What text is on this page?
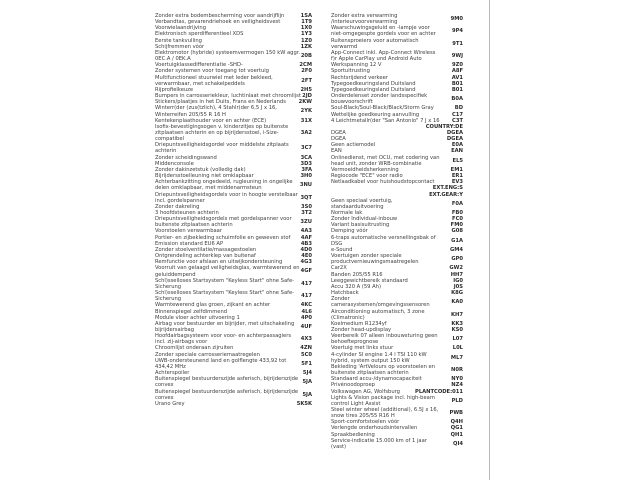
Zonder extra bodembescherming voor aandrijflijn	1SA
Verbandtas, gevarendriehoek en veiligheidsvest	1T9
Voorwielaandrijving	1X0
Elektronisch sperdifferentieel XDS	1Y3
Eerste tankvulling	1Z0
Schijfremmen vóór	1ZK
Elektromotor (hybride) systeemvermogen 150 kW aggr. 0EC.A / 0EK.A
20B
Voertuigklassedifferentiatie -SHD-	2CM
Zonder systemen voor toegang tot voertuig	2F0
Multifunctioneel stuurwiel met leder bekleed, verwarmbaar, met schakelpeddels
2FT
Rijprofielkeuze	2H5
Bumpers in carrosseriekleur, luchtinlaat met chroomlijst 2JD
Stickers/plaatjes in het Duits, Frans en Nederlands	2KW
Winterr(der (zus(tzlich), 4 Stahlr(der 6,5 J x 16, Winterreifen 205/55 R 16 H
2YK
Kentekenplaathouder voor en achter (ECE)	31X
Isofix-bevestigingsogen v. kinderzitjes op buitenste zitplaatsen achterin en op bijrijdersstoel, i-Size-compatibel
3A2
Driepuntsveiligheidsgordel voor middelste zitplaats achterin
3C7
Zonder scheidingswand	3CA
Middenconsole	3D3
Zonder dakinzetstuk (volledig dak)	3FA
Bijrijdersstoelleuning niet omklapbaar	3H0
Achterbankzitting ongedeeld, rugleuning in ongelijke delen omklapbaar, met middenarmsteun
3NU
Driepuntsveiligheidsgordels voor in hoogte verstelbaar incl. gordelspanner
3QT
Zonder dakreling	3S0
3 hoofdsteunen achterin	3T2
Driepuntsveiligheidsgordels met gordelspanner voor buitenste zitplaatsen achterin
3ZU
Voorstoelen verwarmbaar	4A3
Portier- en zijbekleding schuimfolie en geweven stof	4AF
Emission standard EU6 AP	4B3
Zonder stoelventilatie/massagestoelen	4D0
Ontgrendeling achterklep van buitenaf	4E0
Remfunctie voor afslaan en uitwijkondersteuning	4G3
Voorruit van gelaagd veiligheidsglas, warmtewerend en geluiddempend
4GF
Schl)sselloses Startsystem "Keyless Start" ohne Safe-Sicherung
417
Schl)sselloses Startsystem "Keyless Start" ohne Safe-Sicherung
417
Warmtewerend glas groen, zijkant en achter	4KC
Binnenspiegel zelfdimmend	4L6
Module vloer achter uitvoering 1	4P0
Airbag voor bestuurder en bijrijder, met uitschakeling bijrijdersairbag
4UF
Hoofdairbagsysteem voor voor- en achterpassagiers incl. zij-airbags voor
4X3
Chroomlijst onderaan zijruiten	4ZN
Zonder speciale carrosseriemaatregelen	5C0
UWB-ondersteunend land en golflengte 433,92 tot 434,42 MHz
5F1
Achterspoiler	5J4
Buitenspiegel bestuurderszijde asferisch, bijrijderszijde convex
5JA
Buitenspiegel bestuurderszijde asferisch, bijrijderszijde convex
5JA
Urano Grey	5K5K
Zonder extra verwarming /interieurvoorverwarming
9M0
Waarschuwingsgeluid en -lampje voor niet-omgegespte gordels voor en achter
9P4
Ruitensproeiers voor automatisch verwarmd
9T1
App-Connect inkl. App-Connect Wireless f)r Apple CarPlay und Android Auto
9WJ
Werkspanning 12 V	9Z0
Sportuitrusting	A8F
Rechtsrijdend verkeer	AV1
Typegoedkeuringsland Duitsland	B01
Typegoedkeuringsland Duitsland	B01
Onderdelenset zonder landsspecifiek bouwvoorschrift
B0A
Soul-Black/Soul-Black/Black/Storm Gray	BD
Wettelijke goedkeuring aanvulling	C17
4 Leichtmetallr(der "San Antonio" 7 J x 16	C3T
COUNTRY:DE
DGEA	DGEA
DGEA	DGEA
Geen actiemodel	E0A
EAN	EAN
Onlinedienst, met OCU, met codering van head unit, zonder WRB-combinatie
EL5
Vermoeidheidsherkenning	EM1
Regiocode "ECE" voor radio	ER1
Netlaadkabel voor huishoudstopcontact	EV3
EXT.ENG:S
EXT.GEAR:Y
Geen speciaal voertuig, standaarduitvoering
F0A
Normale lak	FB0
Zonder Individual-inbouw	FC0
Variant basisuitrusting	FM0
Demping vóór	G08
6-traps automatische versnellingsbak of DSG
G1A
e-Sound	GM4
Voertuigen zonder speciale productvernieuwingsmaatregelen
GP0
Car2X	GW2
Banden 205/55 R16	HH7
Leeggewichtbereik standaard	IG0
Accu 320 A (59 Ah)	J0S
Hatchback	K8G
Zonder camerasystemen/omgevingssensoren
KA0
Airconditioning automatisch, 3 zone (Climatronic)
KH7
Koelmedium R1234yf	KK3
Zonder head-updisplay	KS0
Veerbereik 07 alleen inbouwsturing geen behoefteprognose
L07
Voertuig met links stuur	L0L
4-cylinder SI engine 1.4 l TSI 110 kW hybrid, system output 150 kW
ML7
Bekleding 'ArtVelours op voorstoelen en buitenste zitplaatsen achterin
N0R
Standaard accu-/dynamocapaciteit	NY0
Privénoodoproep	NZ4
Volkswagen AG, Wolfsburg	PLANTCODE:011
Lights & Vision package incl. high-beam control Light Assist
PLD
Steel winter wheel (additional), 6.5J x 16, snow tires 205/55 R16 H
PWB
Sport-comfortstoelen vóór	Q4H
Verlengde onderhoudsintervallen	QG1
Spraakbediening	QH1
Service-indicatie 15.000 km of 1 jaar (vast)
QI4
